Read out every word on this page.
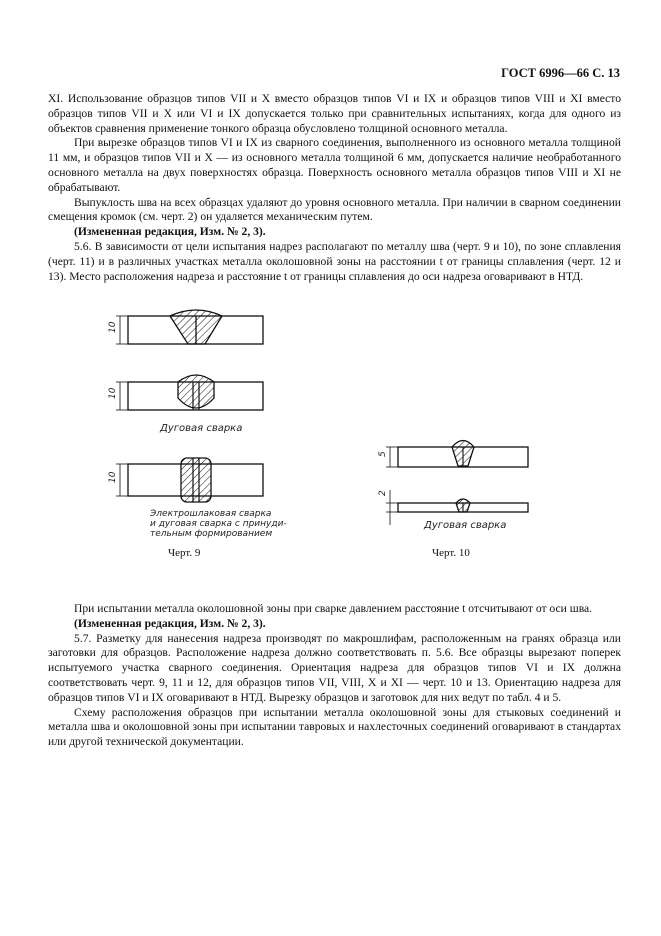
ГОСТ 6996—66 С. 13

XI. Использование образцов типов VII и X вместо образцов типов VI и IX и образцов типов VIII и XI вместо образцов типов VII и X или VI и IX допускается только при сравнительных испытаниях, когда для одного из объектов сравнения применение тонкого образца обусловлено толщиной основного металла.

При вырезке образцов типов VI и IX из сварного соединения, выполненного из основного металла толщиной 11 мм, и образцов типов VII и X — из основного металла толщиной 6 мм, допускается наличие необработанного основного металла на двух поверхностях образца. Поверхность основного металла образцов типов VIII и XI не обрабатывают.

Выпуклость шва на всех образцах удаляют до уровня основного металла. При наличии в сварном соединении смещения кромок (см. черт. 2) он удаляется механическим путем.

(Измененная редакция, Изм. № 2, 3).

5.6. В зависимости от цели испытания надрез располагают по металлу шва (черт. 9 и 10), по зоне сплавления (черт. 11) и в различных участках металла околошовной зоны на расстоянии t от границы сплавления (черт. 12 и 13). Место расположения надреза и расстояние t от границы сплавления до оси надреза оговаривают в НТД.

10
10
10
Дуговая сварка
Электрошлаковая сварка
и дуговая сварка с принуди-
тельным формированием
5
2
Дуговая сварка
Черт. 9	Черт. 10

При испытании металла околошовной зоны при сварке давлением расстояние t отсчитывают от оси шва.

(Измененная редакция, Изм. № 2, 3).

5.7. Разметку для нанесения надреза производят по макрошлифам, расположенным на гранях образца или заготовки для образцов. Расположение надреза должно соответствовать п. 5.6. Все образцы вырезают поперек испытуемого участка сварного соединения. Ориентация надреза для образцов типов VI и IX должна соответствовать черт. 9, 11 и 12, для образцов типов VII, VIII, X и XI — черт. 10 и 13. Ориентацию надреза для образцов типов VI и IX оговаривают в НТД. Вырезку образцов и заготовок для них ведут по табл. 4 и 5.

Схему расположения образцов при испытании металла околошовной зоны для стыковых соединений и металла шва и околошовной зоны при испытании тавровых и нахлесточных соединений оговаривают в стандартах или другой технической документации.
